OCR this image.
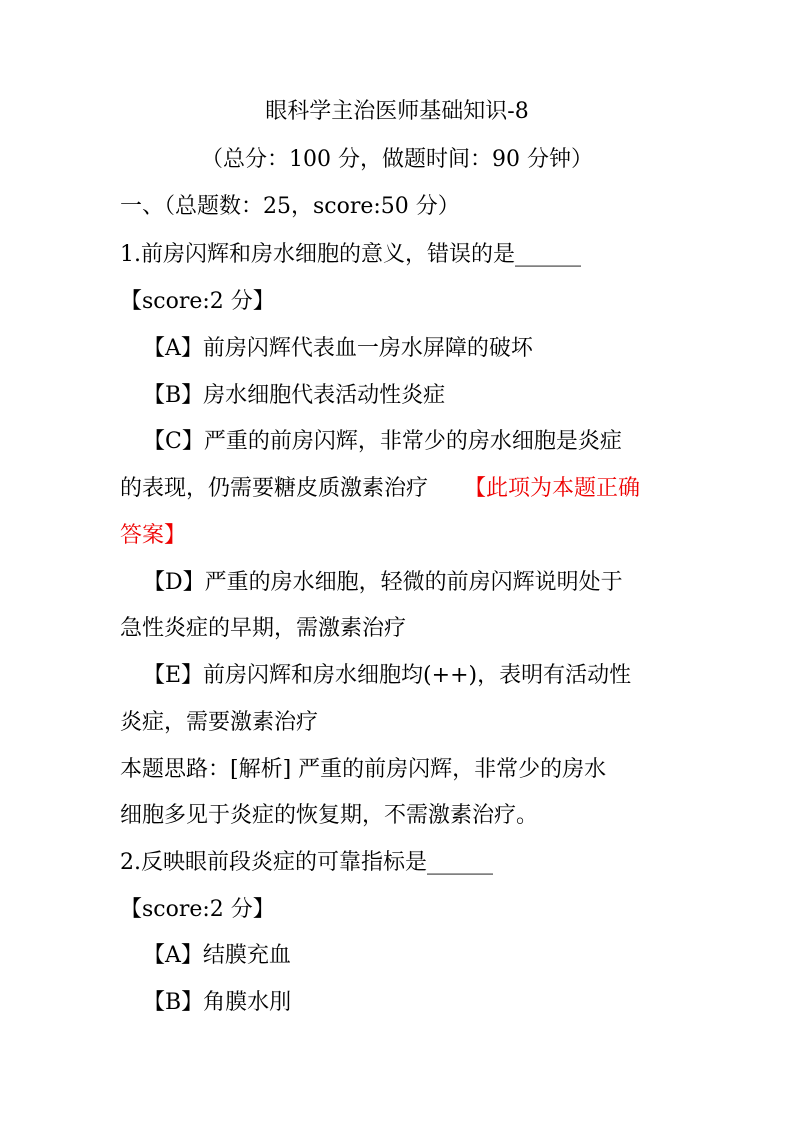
眼科学主治医师基础知识-8
（总分：100 分，做题时间：90 分钟）
一、（总题数：25，score:50 分）
1.前房闪辉和房水细胞的意义，错误的是______
【score:2 分】
【A】前房闪辉代表血一房水屏障的破坏
【B】房水细胞代表活动性炎症
【C】严重的前房闪辉，非常少的房水细胞是炎症
的表现，仍需要糖皮质激素治疗 【此项为本题正确
答案】
【D】严重的房水细胞，轻微的前房闪辉说明处于
急性炎症的早期，需激素治疗
【E】前房闪辉和房水细胞均(++)，表明有活动性
炎症，需要激素治疗
本题思路：[解析] 严重的前房闪辉，非常少的房水
细胞多见于炎症的恢复期，不需激素治疗。
2.反映眼前段炎症的可靠指标是______
【score:2 分】
【A】结膜充血
【B】角膜水刖
